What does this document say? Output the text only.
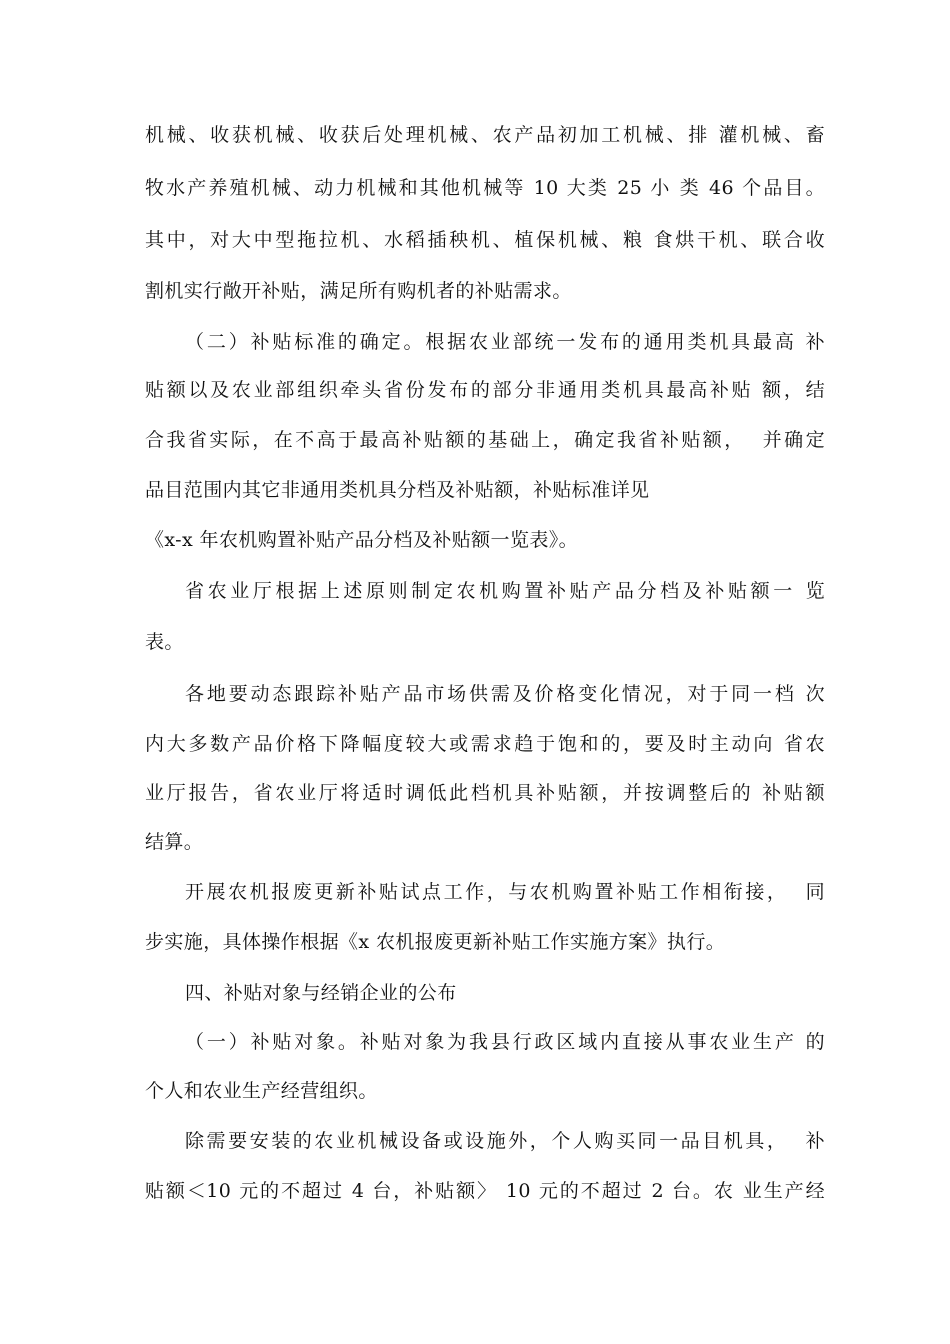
机械、收获机械、收获后处理机械、农产品初加工机械、排 灌机械、畜
牧水产养殖机械、动力机械和其他机械等 10 大类 25 小 类 46 个品目。
其中，对大中型拖拉机、水稻插秧机、植保机械、粮 食烘干机、联合收
割机实行敞开补贴，满足所有购机者的补贴需求。
（二）补贴标准的确定。根据农业部统一发布的通用类机具最高 补
贴额以及农业部组织牵头省份发布的部分非通用类机具最高补贴 额，结
合我省实际，在不高于最高补贴额的基础上，确定我省补贴额，  并确定
品目范围内其它非通用类机具分档及补贴额，补贴标准详见
《x-x 年农机购置补贴产品分档及补贴额一览表》。
省农业厅根据上述原则制定农机购置补贴产品分档及补贴额一 览
表。
各地要动态跟踪补贴产品市场供需及价格变化情况，对于同一档 次
内大多数产品价格下降幅度较大或需求趋于饱和的，要及时主动向 省农
业厅报告，省农业厅将适时调低此档机具补贴额，并按调整后的 补贴额
结算。
开展农机报废更新补贴试点工作，与农机购置补贴工作相衔接，  同
步实施，具体操作根据《x 农机报废更新补贴工作实施方案》执行。
四、补贴对象与经销企业的公布
（一）补贴对象。补贴对象为我县行政区域内直接从事农业生产 的
个人和农业生产经营组织。
除需要安装的农业机械设备或设施外，个人购买同一品目机具，  补
贴额＜10 元的不超过 4 台，补贴额〉 10 元的不超过 2 台。农 业生产经
